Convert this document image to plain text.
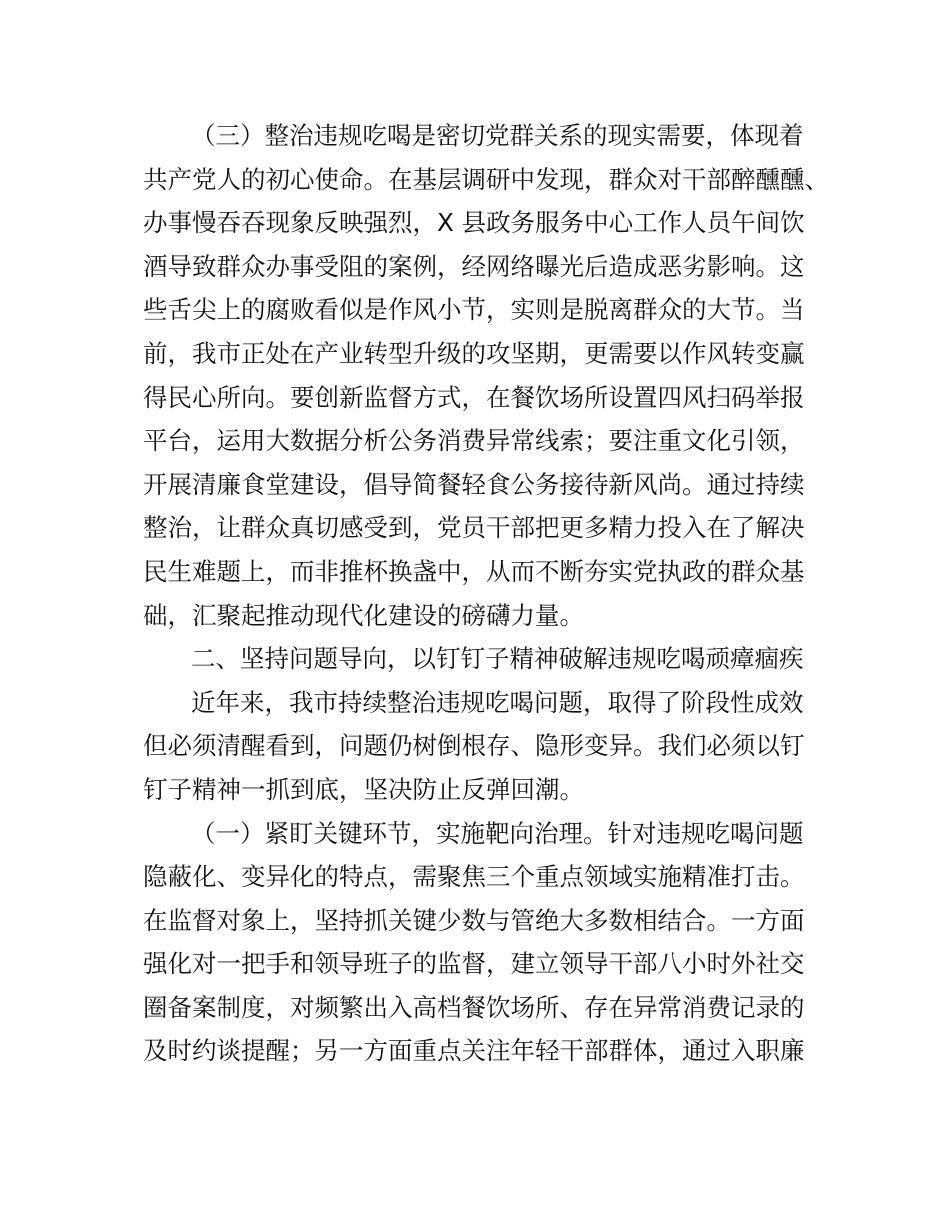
（三）整治违规吃喝是密切党群关系的现实需要，体现着
共产党人的初心使命。在基层调研中发现，群众对干部醉醺醺、
办事慢吞吞现象反映强烈，X 县政务服务中心工作人员午间饮
酒导致群众办事受阻的案例，经网络曝光后造成恶劣影响。这
些舌尖上的腐败看似是作风小节，实则是脱离群众的大节。当
前，我市正处在产业转型升级的攻坚期，更需要以作风转变赢
得民心所向。要创新监督方式，在餐饮场所设置四风扫码举报
平台，运用大数据分析公务消费异常线索；要注重文化引领，
开展清廉食堂建设，倡导简餐轻食公务接待新风尚。通过持续
整治，让群众真切感受到，党员干部把更多精力投入在了解决
民生难题上，而非推杯换盏中，从而不断夯实党执政的群众基
础，汇聚起推动现代化建设的磅礴力量。
二、坚持问题导向，以钉钉子精神破解违规吃喝顽瘴痼疾
近年来，我市持续整治违规吃喝问题，取得了阶段性成效
但必须清醒看到，问题仍树倒根存、隐形变异。我们必须以钉
钉子精神一抓到底，坚决防止反弹回潮。
（一）紧盯关键环节，实施靶向治理。针对违规吃喝问题
隐蔽化、变异化的特点，需聚焦三个重点领域实施精准打击。
在监督对象上，坚持抓关键少数与管绝大多数相结合。一方面
强化对一把手和领导班子的监督，建立领导干部八小时外社交
圈备案制度，对频繁出入高档餐饮场所、存在异常消费记录的
及时约谈提醒；另一方面重点关注年轻干部群体，通过入职廉
